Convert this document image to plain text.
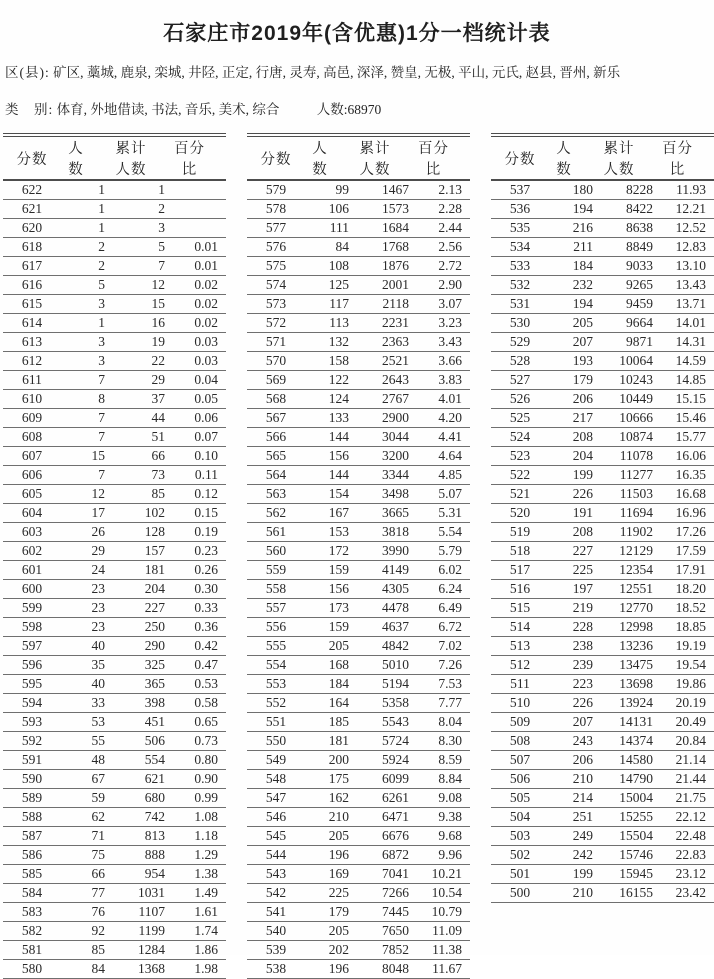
石家庄市2019年(含优惠)1分一档统计表
区(县): 矿区, 藁城, 鹿泉, 栾城, 井陉, 正定, 行唐, 灵寿, 高邑, 深泽, 赞皇, 无极, 平山, 元氏, 赵县, 晋州, 新乐
类　别: 体育, 外地借读, 书法, 音乐, 美术, 综合	人数:68970
分数	人数	累计人数	百分比
622	1	1	
621	1	2	
620	1	3	
618	2	5	0.01
617	2	7	0.01
616	5	12	0.02
615	3	15	0.02
614	1	16	0.02
613	3	19	0.03
612	3	22	0.03
611	7	29	0.04
610	8	37	0.05
609	7	44	0.06
608	7	51	0.07
607	15	66	0.10
606	7	73	0.11
605	12	85	0.12
604	17	102	0.15
603	26	128	0.19
602	29	157	0.23
601	24	181	0.26
600	23	204	0.30
599	23	227	0.33
598	23	250	0.36
597	40	290	0.42
596	35	325	0.47
595	40	365	0.53
594	33	398	0.58
593	53	451	0.65
592	55	506	0.73
591	48	554	0.80
590	67	621	0.90
589	59	680	0.99
588	62	742	1.08
587	71	813	1.18
586	75	888	1.29
585	66	954	1.38
584	77	1031	1.49
583	76	1107	1.61
582	92	1199	1.74
581	85	1284	1.86
580	84	1368	1.98
分数	人数	累计人数	百分比
579	99	1467	2.13
578	106	1573	2.28
577	111	1684	2.44
576	84	1768	2.56
575	108	1876	2.72
574	125	2001	2.90
573	117	2118	3.07
572	113	2231	3.23
571	132	2363	3.43
570	158	2521	3.66
569	122	2643	3.83
568	124	2767	4.01
567	133	2900	4.20
566	144	3044	4.41
565	156	3200	4.64
564	144	3344	4.85
563	154	3498	5.07
562	167	3665	5.31
561	153	3818	5.54
560	172	3990	5.79
559	159	4149	6.02
558	156	4305	6.24
557	173	4478	6.49
556	159	4637	6.72
555	205	4842	7.02
554	168	5010	7.26
553	184	5194	7.53
552	164	5358	7.77
551	185	5543	8.04
550	181	5724	8.30
549	200	5924	8.59
548	175	6099	8.84
547	162	6261	9.08
546	210	6471	9.38
545	205	6676	9.68
544	196	6872	9.96
543	169	7041	10.21
542	225	7266	10.54
541	179	7445	10.79
540	205	7650	11.09
539	202	7852	11.38
538	196	8048	11.67
分数	人数	累计人数	百分比
537	180	8228	11.93
536	194	8422	12.21
535	216	8638	12.52
534	211	8849	12.83
533	184	9033	13.10
532	232	9265	13.43
531	194	9459	13.71
530	205	9664	14.01
529	207	9871	14.31
528	193	10064	14.59
527	179	10243	14.85
526	206	10449	15.15
525	217	10666	15.46
524	208	10874	15.77
523	204	11078	16.06
522	199	11277	16.35
521	226	11503	16.68
520	191	11694	16.96
519	208	11902	17.26
518	227	12129	17.59
517	225	12354	17.91
516	197	12551	18.20
515	219	12770	18.52
514	228	12998	18.85
513	238	13236	19.19
512	239	13475	19.54
511	223	13698	19.86
510	226	13924	20.19
509	207	14131	20.49
508	243	14374	20.84
507	206	14580	21.14
506	210	14790	21.44
505	214	15004	21.75
504	251	15255	22.12
503	249	15504	22.48
502	242	15746	22.83
501	199	15945	23.12
500	210	16155	23.42
